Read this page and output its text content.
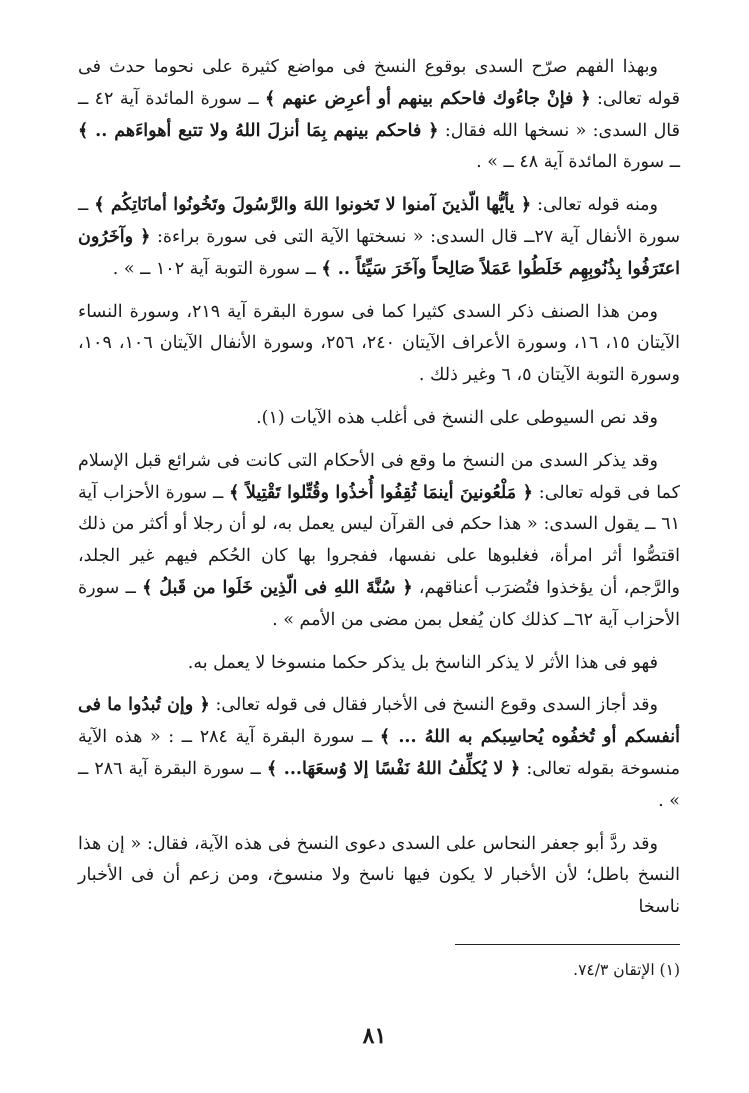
وبهذا الفهم صرّح السدى بوقوع النسخ فى مواضع كثيرة على نحوما حدث فى قوله تعالى: ﴿ فإنْ جاءُوك فاحكم بينهم أو أعرِض عنهم ﴾ ــ سورة المائدة آية ٤٢ ــ قال السدى: « نسخها الله فقال: ﴿ فاحكم بينهم بِمَا أنزلَ اللهُ ولا تتبع أهواءَهم .. ﴾ ــ سورة المائدة آية ٤٨ ــ » .

ومنه قوله تعالى: ﴿ يأيُّها الّذينَ آمنوا لا تَخونوا اللهَ والرَّسُولَ وتَخُونُوا أمانَاتِكُم ﴾ ــ سورة الأنفال آية ٢٧ــ قال السدى: « نسختها الآية التى فى سورة براءة: ﴿ وآخَرُون اعتَرَفُوا بِذُنُوبِهِم خَلَطُوا عَمَلاً صَالِحاً وآخَرَ سَيِّئاً .. ﴾ ــ سورة التوبة آية ١٠٢ ــ » .

ومن هذا الصنف ذكر السدى كثيرا كما فى سورة البقرة آية ٢١٩، وسورة النساء الآيتان ١٥، ١٦، وسورة الأعراف الآيتان ٢٤٠، ٢٥٦، وسورة الأنفال الآيتان ١٠٦، ١٠٩، وسورة التوبة الآيتان ٥، ٦ وغير ذلك .

وقد نص السيوطى على النسخ فى أغلب هذه الآيات (١).

وقد يذكر السدى من النسخ ما وقع فى الأحكام التى كانت فى شرائع قبل الإسلام كما فى قوله تعالى: ﴿ مَلْعُونينَ أينمَا ثُقِفُوا أُخذُوا وقُتِّلوا تَقْتِيلاً ﴾ ــ سورة الأحزاب آية ٦١ ــ يقول السدى: « هذا حكم فى القرآن ليس يعمل به، لو أن رجلا أو أكثر من ذلك اقتصُّوا أثر امرأة، فغلبوها على نفسها، ففجروا بها كان الحُكم فيهم غير الجلد، والرَّجم، أن يؤخذوا فتُضرَب أعناقهم، ﴿ سُنَّةَ اللهِ فى الّذِين خَلَوا من قَبلُ ﴾ ــ سورة الأحزاب آية ٦٢ــ كذلك كان يُفعل بمن مضى من الأمم » .

فهو فى هذا الأثر لا يذكر الناسخ بل يذكر حكما منسوخا لا يعمل به.

وقد أجاز السدى وقوع النسخ فى الأخبار فقال فى قوله تعالى: ﴿ وإن تُبدُوا ما فى أنفسكم أو تُخفُوه يُحاسِبكم به اللهُ ... ﴾ ــ سورة البقرة آية ٢٨٤ ــ : « هذه الآية منسوخة بقوله تعالى: ﴿ لا يُكلِّفُ اللهُ نَفْسًا إلا وُسعَهَا... ﴾ ــ سورة البقرة آية ٢٨٦ ــ » .

وقد ردَّ أبو جعفر النحاس على السدى دعوى النسخ فى هذه الآية، فقال: « إن هذا النسخ باطل؛ لأن الأخبار لا يكون فيها ناسخ ولا منسوخ، ومن زعم أن فى الأخبار ناسخا

(١) الإتقان ٧٤/٣.
٨١
